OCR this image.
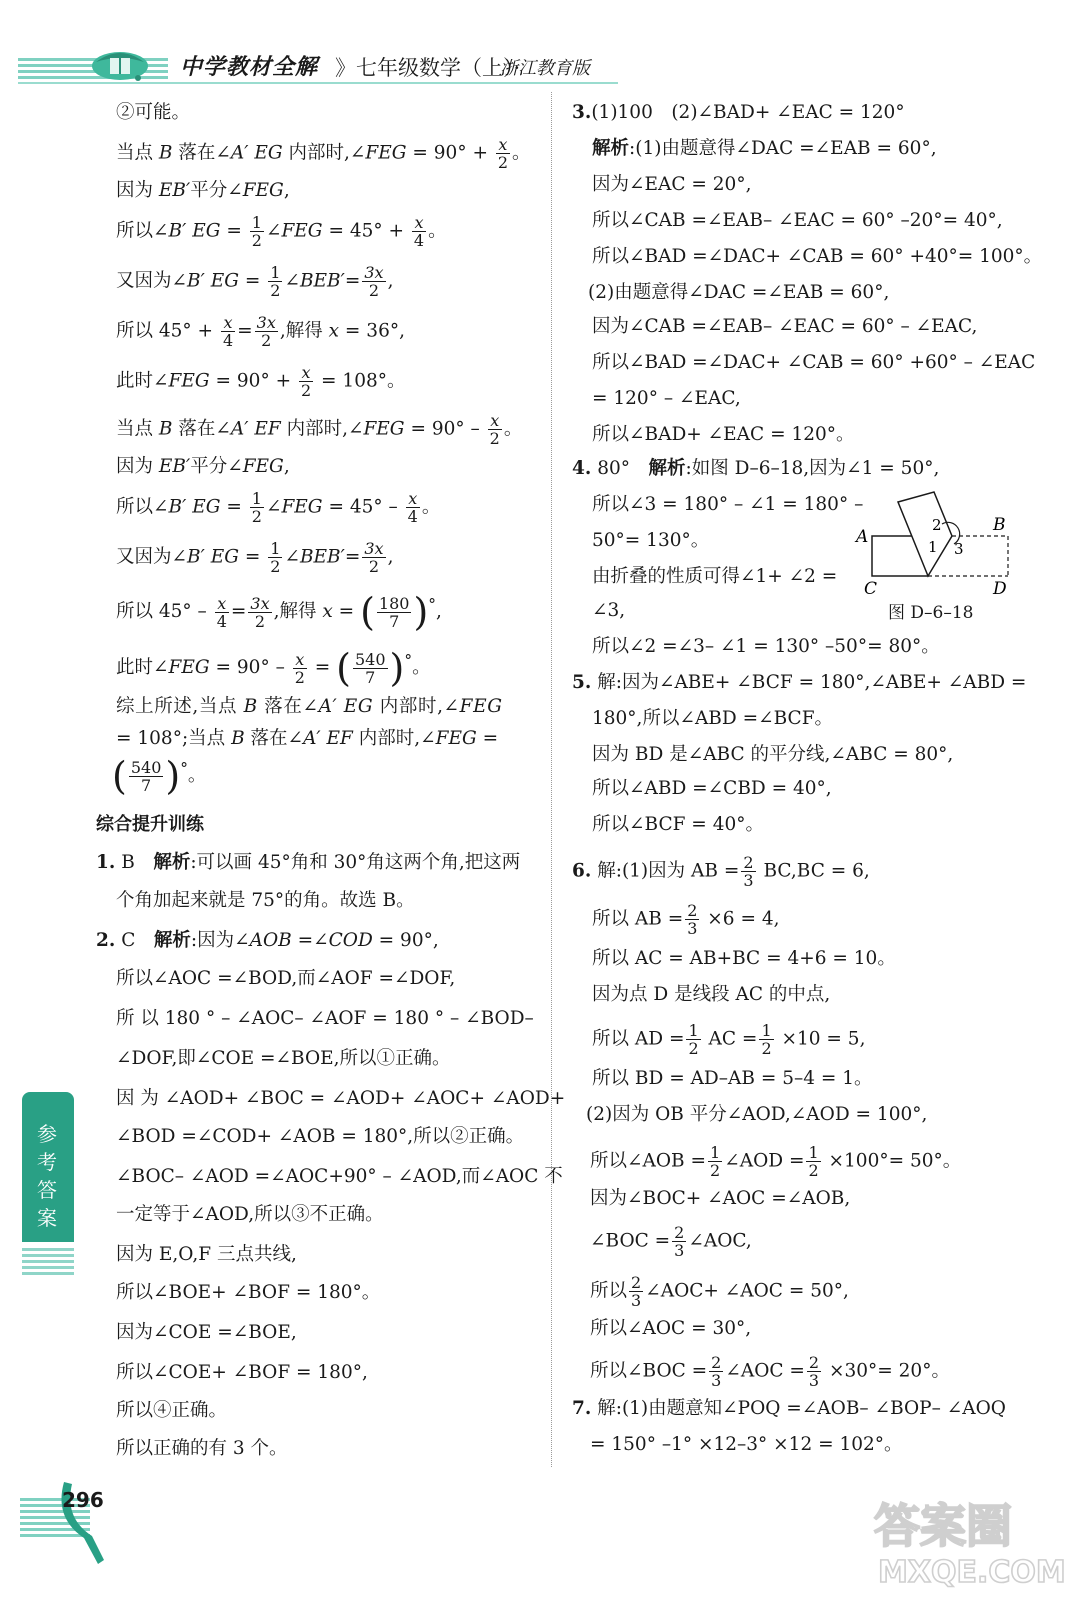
中学教材全解 》七年级数学（上）·
浙江教育版
②可能。
当点 B 落在∠A′ EG 内部时,∠FEG = $90^\circ + \frac{x}{2}$ 。
因为 EB′平分∠FEG,
所以∠B′ EG = $\frac{1}{2}$ ∠FEG = $45^\circ + \frac{x}{4}$ 。
又因为∠B′ EG = $\frac{1}{2}$ ∠BEB′= $\frac{3x}{2}$ ,
所以 $45^\circ + \frac{x}{4} = \frac{3x}{2}$ ,解得 x = 36°,
此时∠FEG = $90^\circ + \frac{x}{2} = 108^\circ$。
当点 B 落在∠A′ EF 内部时,∠FEG = $90^\circ - \frac{x}{2}$ 。
因为 EB′平分∠FEG,
所以∠B′ EG = $\frac{1}{2}$ ∠FEG = $45^\circ - \frac{x}{4}$ 。
又因为∠B′ EG = $\frac{1}{2}$ ∠BEB′= $\frac{3x}{2}$ ,
所以 $45^\circ - \frac{x}{4} = \frac{3x}{2}$ ,解得 x = ( $\frac{180}{7} )^\circ$,
此时∠FEG = $90^\circ - \frac{x}{2}$ = ( $\frac{540}{7} )^\circ$。
综上所述,当点 B 落在∠A′ EG 内部时,∠FEG
= 108°;当点 B 落在∠A′ EF 内部时,∠FEG =
( $\frac{540}{7} )^\circ$。
综合提升训练
1. B　解析:可以画 45°角和 30°角这两个角,把这两
个角加起来就是 75°的角。故选 B。
2. C　解析:因为∠AOB =∠COD = 90°,
所以∠AOC =∠BOD,而∠AOF =∠DOF,
所 以 180 ° – ∠AOC– ∠AOF = 180 ° – ∠BOD–
∠DOF,即∠COE =∠BOE,所以①正确。
因 为 ∠AOD+ ∠BOC = ∠AOD+ ∠AOC+ ∠AOD+
∠BOD =∠COD+ ∠AOB = 180°,所以②正确。
∠BOC– ∠AOD =∠AOC+90° – ∠AOD,而∠AOC 不
一定等于∠AOD,所以③不正确。
因为 E,O,F 三点共线,
所以∠BOE+ ∠BOF = 180°。
因为∠COE =∠BOE,
所以∠COE+ ∠BOF = 180°,
所以④正确。
所以正确的有 3 个。
3.(1)100　(2)∠BAD+ ∠EAC = 120°
解析:(1)由题意得∠DAC =∠EAB = 60°,
因为∠EAC = 20°,
所以∠CAB =∠EAB– ∠EAC = 60° –20°= 40°,
所以∠BAD =∠DAC+ ∠CAB = 60° +40°= 100°。
(2)由题意得∠DAC =∠EAB = 60°,
因为∠CAB =∠EAB– ∠EAC = 60° – ∠EAC,
所以∠BAD =∠DAC+ ∠CAB = 60° +60° – ∠EAC
= 120° – ∠EAC,
所以∠BAD+ ∠EAC = 120°。
4. 80°　解析:如图 D–6–18,因为∠1 = 50°,
所以∠3 = 180° – ∠1 = 180° –
50°= 130°。
由折叠的性质可得∠1+ ∠2 =
∠3,
所以∠2 =∠3– ∠1 = 130° –50°= 80°。
A
B
C	D
1
2
3
图 D–6–18
5. 解:因为∠ABE+ ∠BCF = 180°,∠ABE+ ∠ABD =
180°,所以∠ABD =∠BCF。
因为 BD 是∠ABC 的平分线,∠ABC = 80°,
所以∠ABD =∠CBD = 40°,
所以∠BCF = 40°。
6. 解:(1)因为 AB = $\frac{2}{3} BC,BC = 6$,
所以 AB = $\frac{2}{3} \times 6 = 4$,
所以 AC = AB+BC = 4+6 = 10。
因为点 D 是线段 AC 的中点,
所以 AD = $\frac{1}{2}$ AC = $\frac{1}{2} \times 10 = 5$,
所以 BD = AD–AB = 5–4 = 1。
(2)因为 OB 平分∠AOD,∠AOD = 100°,
所以∠AOB = $\frac{1}{2}$ ∠AOD = $\frac{1}{2} \times 100^\circ= 50^\circ$。
因为∠BOC+ ∠AOC =∠AOB,
∠BOC = $\frac{2}{3}$ ∠AOC,
所以 $\frac{2}{3}$ ∠AOC+ ∠AOC = 50°,
所以∠AOC = 30°,
所以∠BOC = $\frac{2}{3}$ ∠AOC = $\frac{2}{3} \times 30^\circ= 20^\circ$。
7. 解:(1)由题意知∠POQ =∠AOB– ∠BOP– ∠AOQ
= 150° –1° ×12–3° ×12 = 102°。
参考答案
296	答案圈
MXQE.COM
